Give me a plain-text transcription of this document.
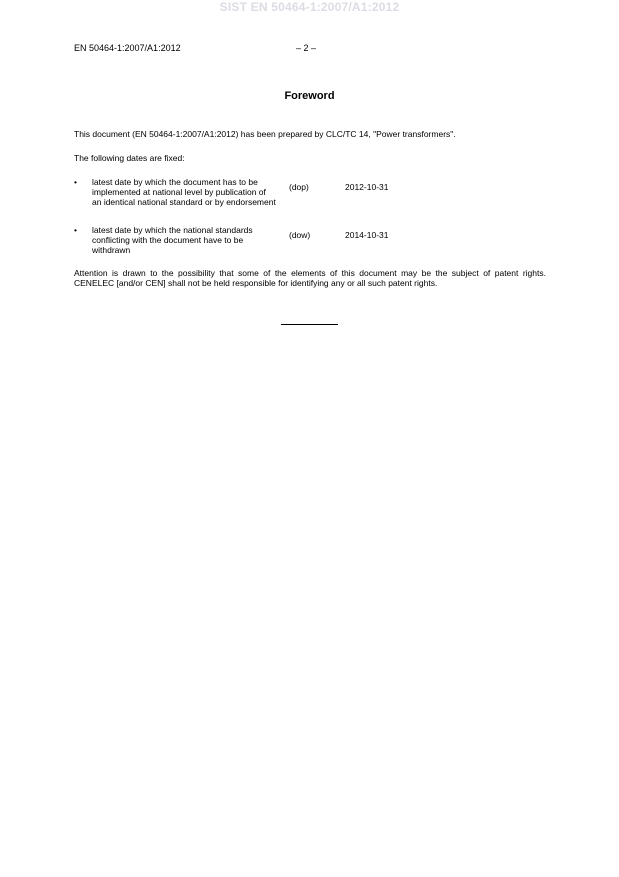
SIST EN 50464-1:2007/A1:2012
EN 50464-1:2007/A1:2012	– 2 –
Foreword
This document (EN 50464-1:2007/A1:2012) has been prepared by CLC/TC 14, "Power transformers".
The following dates are fixed:
• latest date by which the document has to be implemented at national level by publication of an identical national standard or by endorsement
(dop)	2012-10-31
• latest date by which the national standards conflicting with the document have to be withdrawn
(dow)	2014-10-31
Attention is drawn to the possibility that some of the elements of this document may be the subject of patent rights. CENELEC [and/or CEN] shall not be held responsible for identifying any or all such patent rights.
